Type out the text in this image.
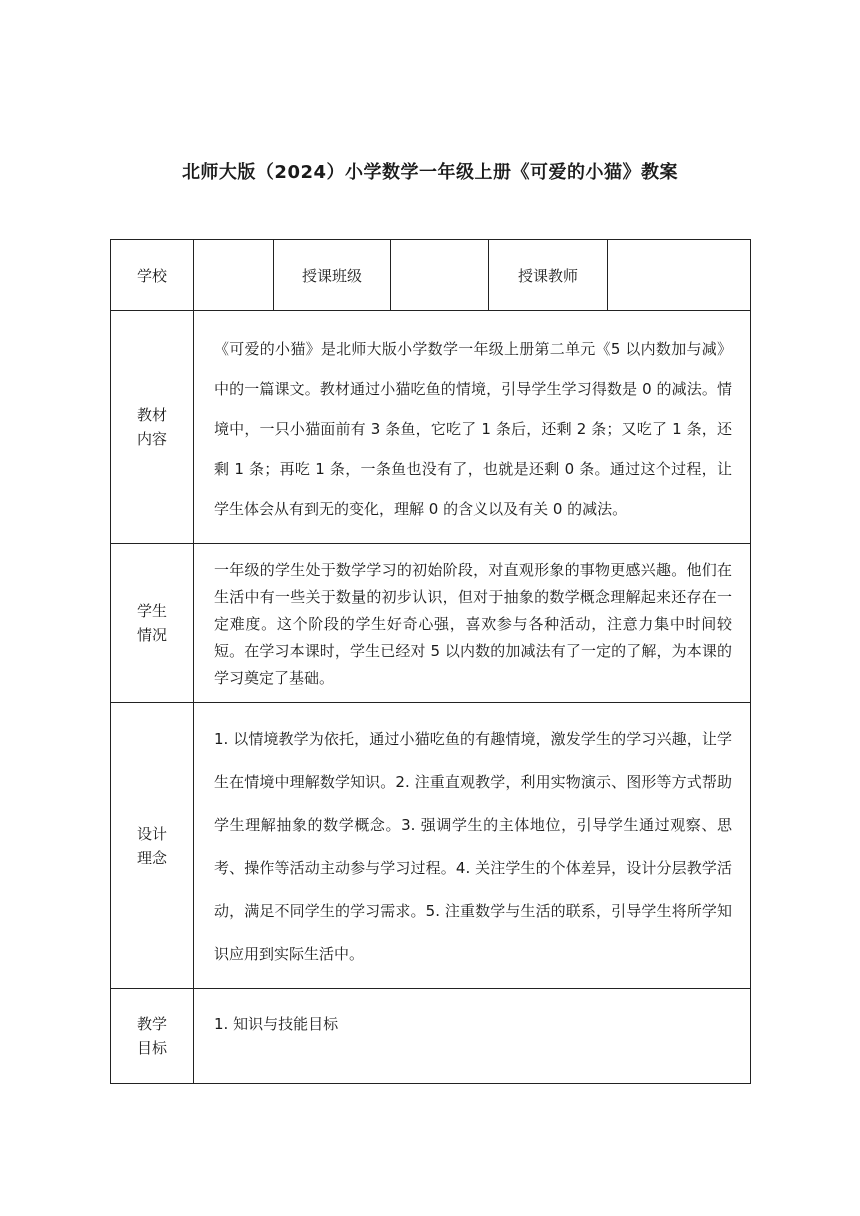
北师大版（2024）小学数学一年级上册《可爱的小猫》教案
学校		授课班级		授课教师	

教材
内容	《可爱的小猫》是北师大版小学数学一年级上册第二单元《5 以内数加与减》中的一篇课文。教材通过小猫吃鱼的情境，引导学生学习得数是 0 的减法。情境中，一只小猫面前有 3 条鱼，它吃了 1 条后，还剩 2 条；又吃了 1 条，还剩 1 条；再吃 1 条，一条鱼也没有了，也就是还剩 0 条。通过这个过程，让学生体会从有到无的变化，理解 0 的含义以及有关 0 的减法。				

学生
情况	一年级的学生处于数学学习的初始阶段，对直观形象的事物更感兴趣。他们在生活中有一些关于数量的初步认识，但对于抽象的数学概念理解起来还存在一定难度。这个阶段的学生好奇心强，喜欢参与各种活动，注意力集中时间较短。在学习本课时，学生已经对 5 以内数的加减法有了一定的了解，为本课的学习奠定了基础。				

设计
理念	1. 以情境教学为依托，通过小猫吃鱼的有趣情境，激发学生的学习兴趣，让学生在情境中理解数学知识。2. 注重直观教学，利用实物演示、图形等方式帮助学生理解抽象的数学概念。3. 强调学生的主体地位，引导学生通过观察、思考、操作等活动主动参与学习过程。4. 关注学生的个体差异，设计分层教学活动，满足不同学生的学习需求。5. 注重数学与生活的联系，引导学生将所学知识应用到实际生活中。				

教学
目标	1. 知识与技能目标				
